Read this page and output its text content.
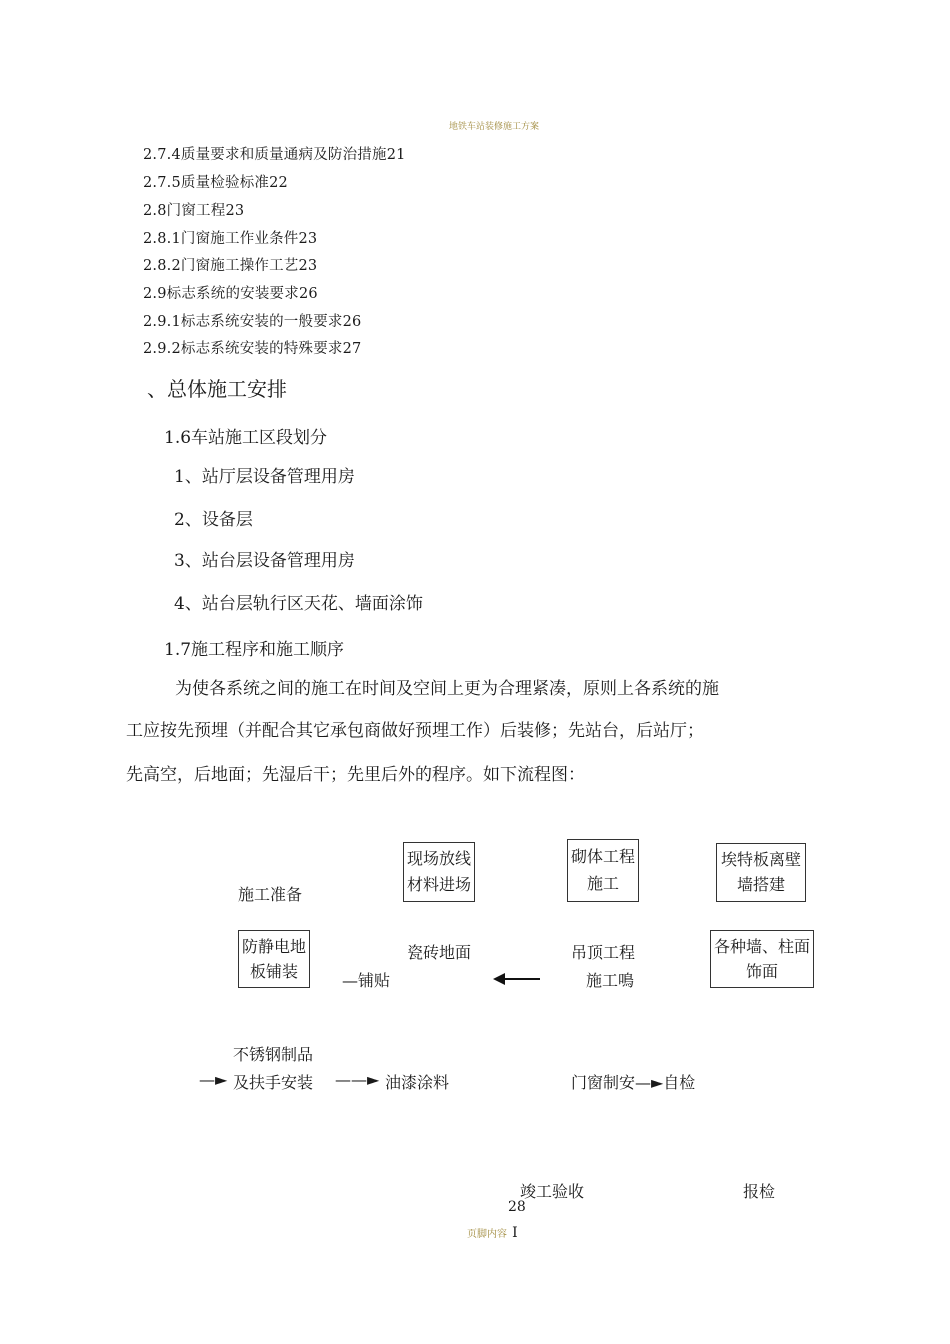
地铁车站装修施工方案
2.7.4质量要求和质量通病及防治措施21
2.7.5质量检验标准22
2.8门窗工程23
2.8.1门窗施工作业条件23
2.8.2门窗施工操作工艺23
2.9标志系统的安装要求26
2.9.1标志系统安装的一般要求26
2.9.2标志系统安装的特殊要求27
、总体施工安排
1.6车站施工区段划分
1、站厅层设备管理用房
2、设备层
3、站台层设备管理用房
4、站台层轨行区天花、墙面涂饰
1.7施工程序和施工顺序
为使各系统之间的施工在时间及空间上更为合理紧凑，原则上各系统的施
工应按先预埋（并配合其它承包商做好预埋工作）后装修；先站台，后站厅；
先高空，后地面；先湿后干；先里后外的程序。如下流程图：
施工准备
现场放线
材料进场
砌体工程
施工
埃特板离壁
墙搭建
防静电地
板铺装
瓷砖地面
—铺贴
吊顶工程
施工鳴
各种墙、柱面
饰面
不锈钢制品
—► 及扶手安装 ——► 油漆涂料	门窗制安—►自检
竣工验收	报检
28
页脚内容 I
